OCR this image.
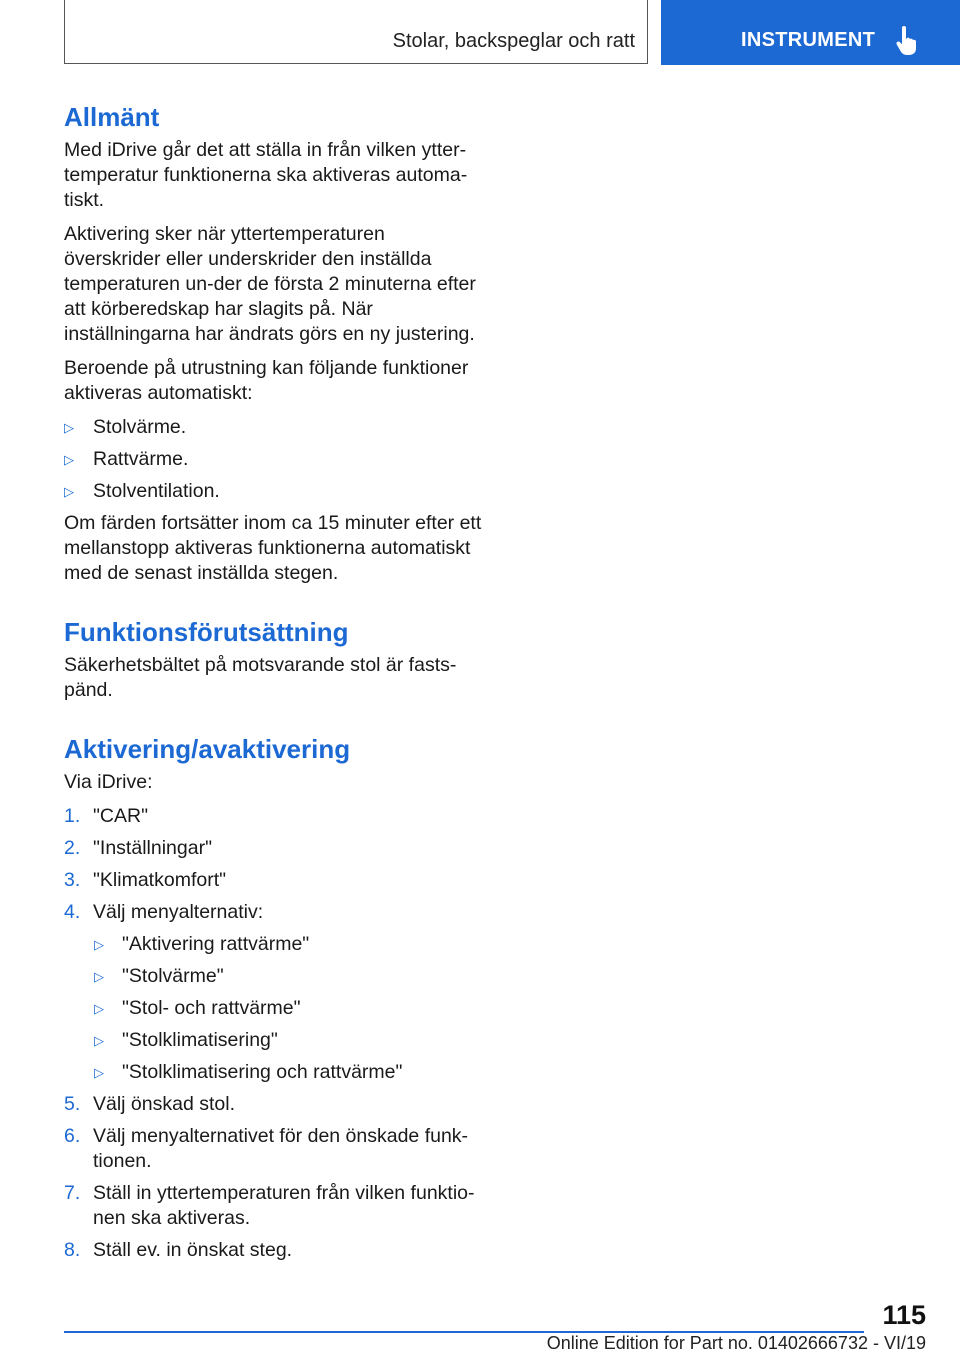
Stolar, backspeglar och ratt	INSTRUMENT
Allmänt
Med iDrive går det att ställa in från vilken ytter-temperatur funktionerna ska aktiveras automa-tiskt.
Aktivering sker när yttertemperaturen överskrider eller underskrider den inställda temperaturen un-der de första 2 minuterna efter att körberedskap har slagits på. När inställningarna har ändrats görs en ny justering.
Beroende på utrustning kan följande funktioner aktiveras automatiskt:
▷ Stolvärme.
▷ Rattvärme.
▷ Stolventilation.
Om färden fortsätter inom ca 15 minuter efter ett mellanstopp aktiveras funktionerna automatiskt med de senast inställda stegen.
Funktionsförutsättning
Säkerhetsbältet på motsvarande stol är fasts-pänd.
Aktivering/avaktivering
Via iDrive:
1. "CAR"
2. "Inställningar"
3. "Klimatkomfort"
4. Välj menyalternativ:
▷ "Aktivering rattvärme"
▷ "Stolvärme"
▷ "Stol- och rattvärme"
▷ "Stolklimatisering"
▷ "Stolklimatisering och rattvärme"
5. Välj önskad stol.
6. Välj menyalternativet för den önskade funk-tionen.
7. Ställ in yttertemperaturen från vilken funktio-nen ska aktiveras.
8. Ställ ev. in önskat steg.
115
Online Edition for Part no. 01402666732 - VI/19
